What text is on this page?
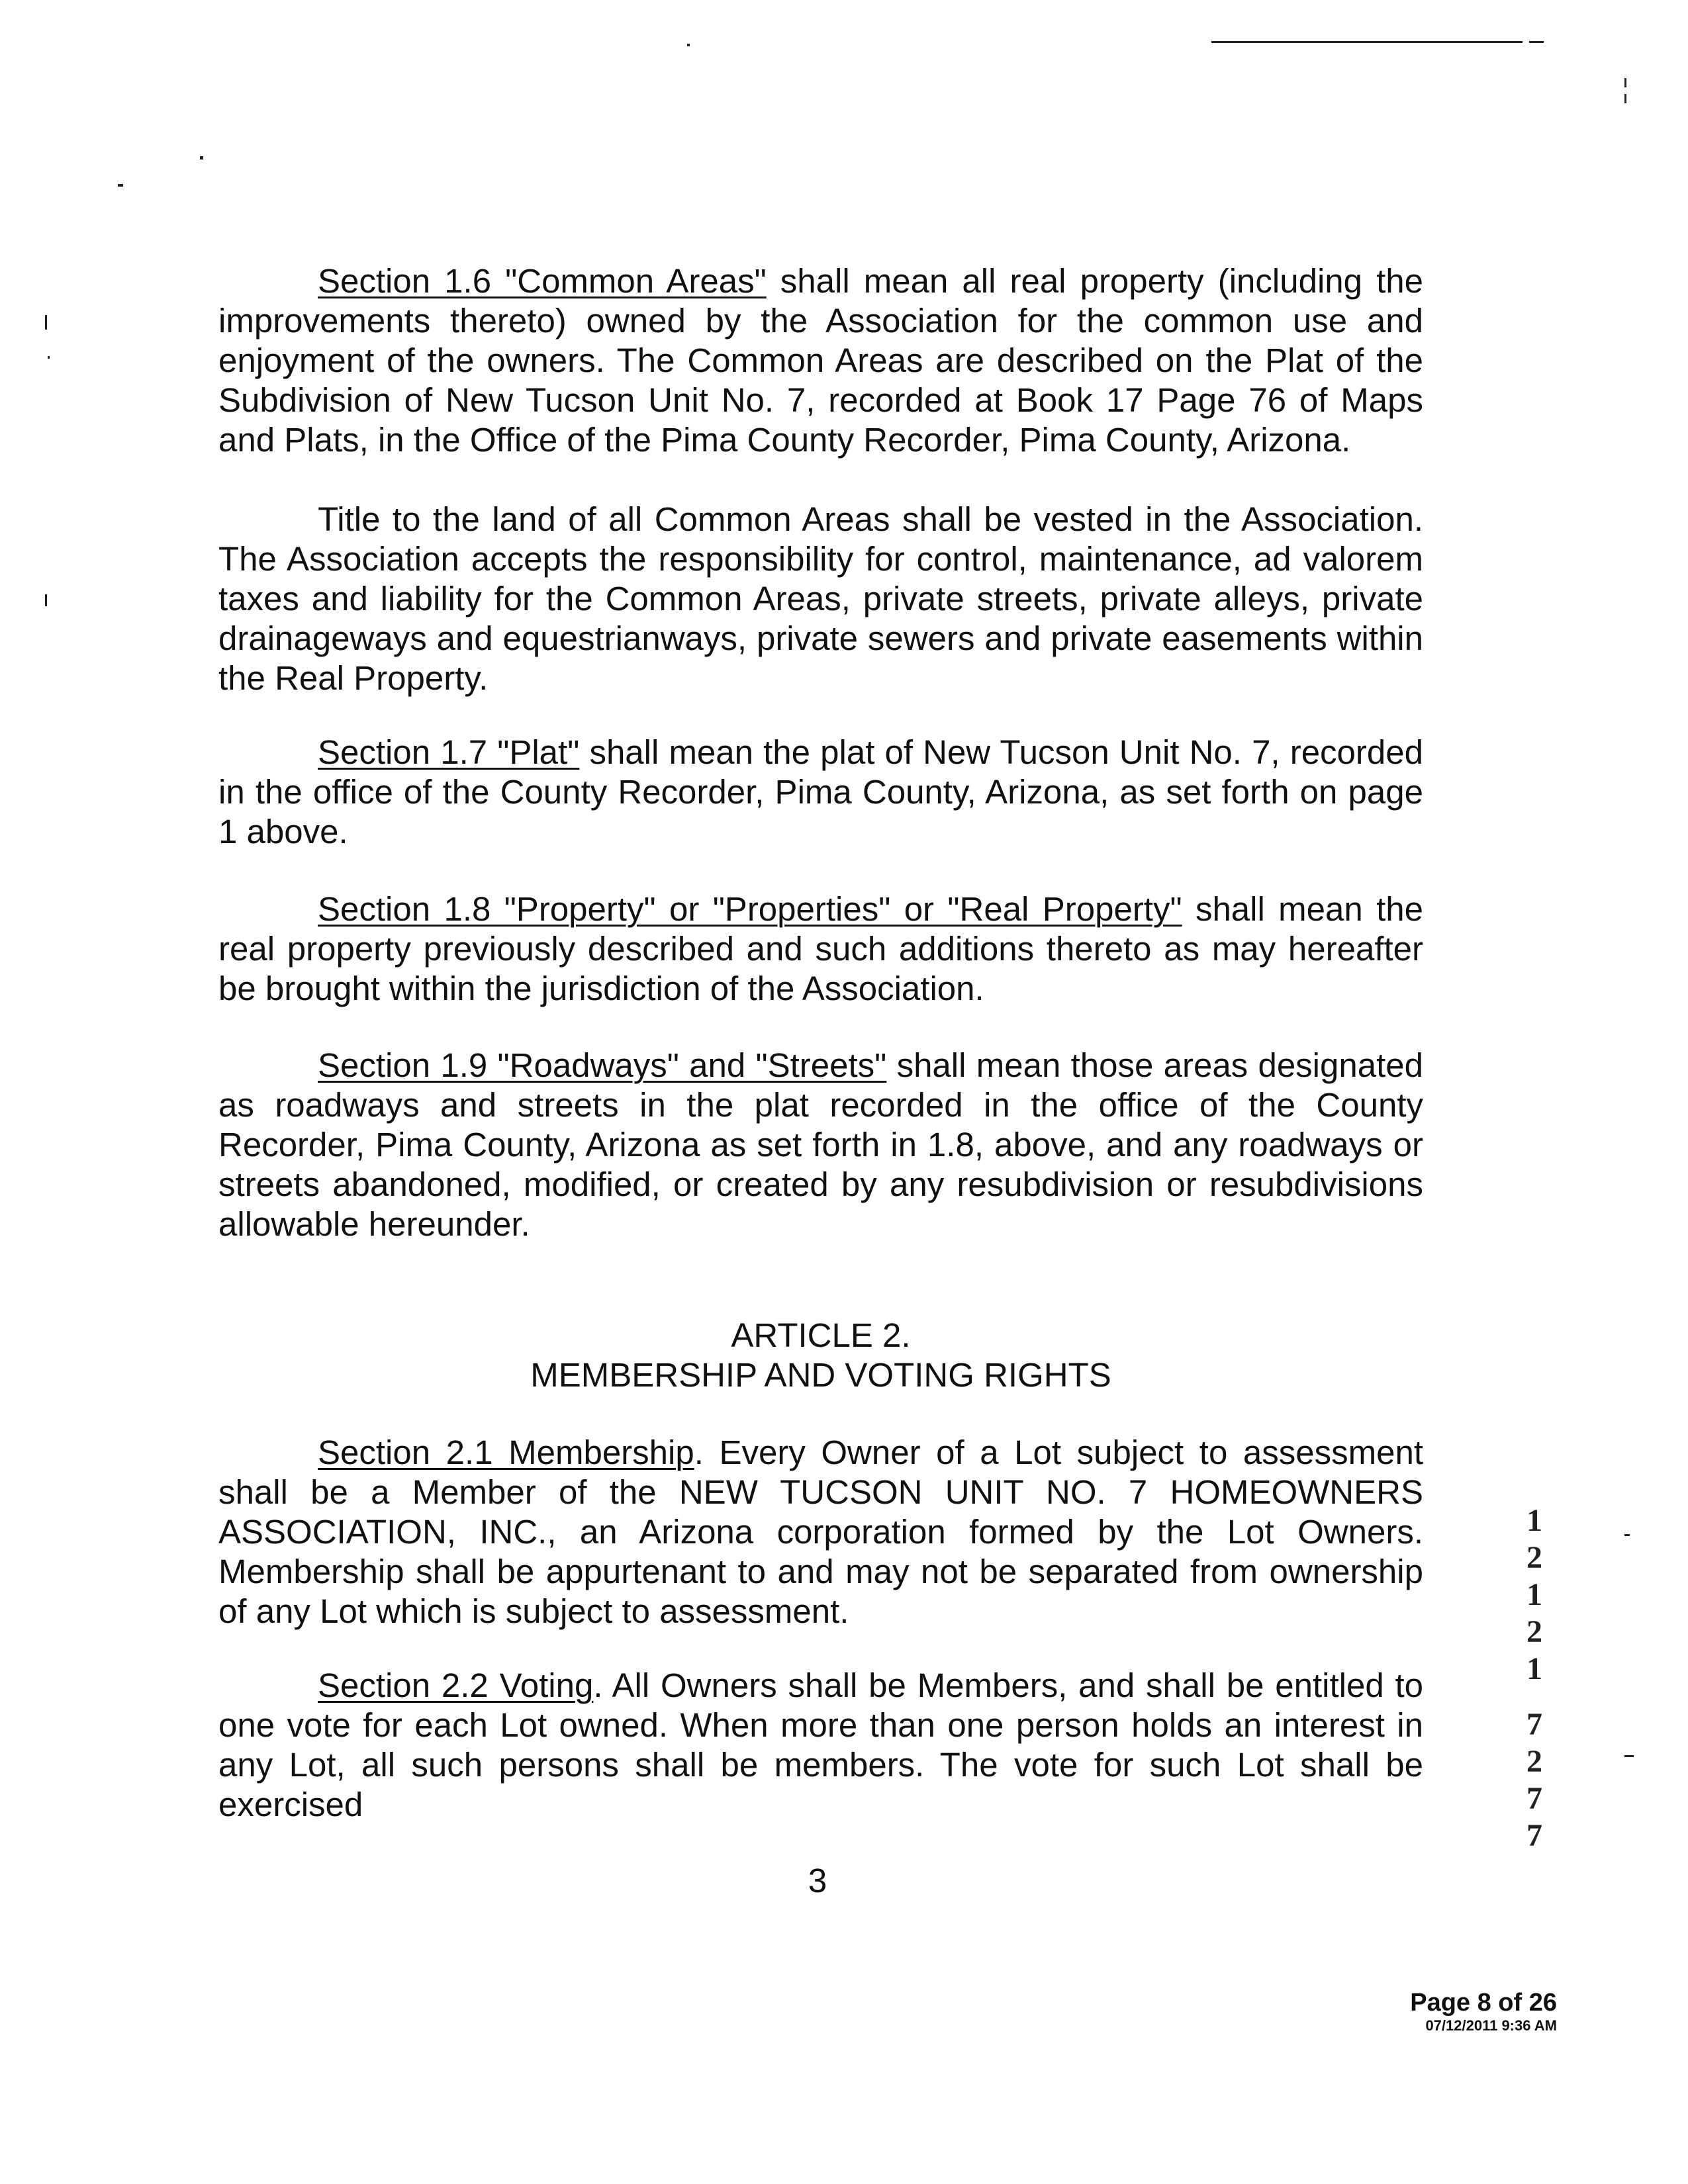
Section 1.6 "Common Areas" shall mean all real property (including the improvements thereto) owned by the Association for the common use and enjoyment of the owners. The Common Areas are described on the Plat of the Subdivision of New Tucson Unit No. 7, recorded at Book 17 Page 76 of Maps and Plats, in the Office of the Pima County Recorder, Pima County, Arizona.

Title to the land of all Common Areas shall be vested in the Association. The Association accepts the responsibility for control, maintenance, ad valorem taxes and liability for the Common Areas, private streets, private alleys, private drainageways and equestrianways, private sewers and private easements within the Real Property.

Section 1.7 "Plat" shall mean the plat of New Tucson Unit No. 7, recorded in the office of the County Recorder, Pima County, Arizona, as set forth on page 1 above.

Section 1.8 "Property" or "Properties" or "Real Property" shall mean the real property previously described and such additions thereto as may hereafter be brought within the jurisdiction of the Association.

Section 1.9 "Roadways" and "Streets" shall mean those areas designated as roadways and streets in the plat recorded in the office of the County Recorder, Pima County, Arizona as set forth in 1.8, above, and any roadways or streets abandoned, modified, or created by any resubdivision or resubdivisions allowable hereunder.

ARTICLE 2.
MEMBERSHIP AND VOTING RIGHTS

Section 2.1 Membership. Every Owner of a Lot subject to assessment shall be a Member of the NEW TUCSON UNIT NO. 7 HOMEOWNERS ASSOCIATION, INC., an Arizona corporation formed by the Lot Owners. Membership shall be appurtenant to and may not be separated from ownership of any Lot which is subject to assessment.

Section 2.2 Voting. All Owners shall be Members, and shall be entitled to one vote for each Lot owned. When more than one person holds an interest in any Lot, all such persons shall be members. The vote for such Lot shall be exercised

1
2
1
2
1
7
2
7
7
3
Page 8 of 26
07/12/2011 9:36 AM
